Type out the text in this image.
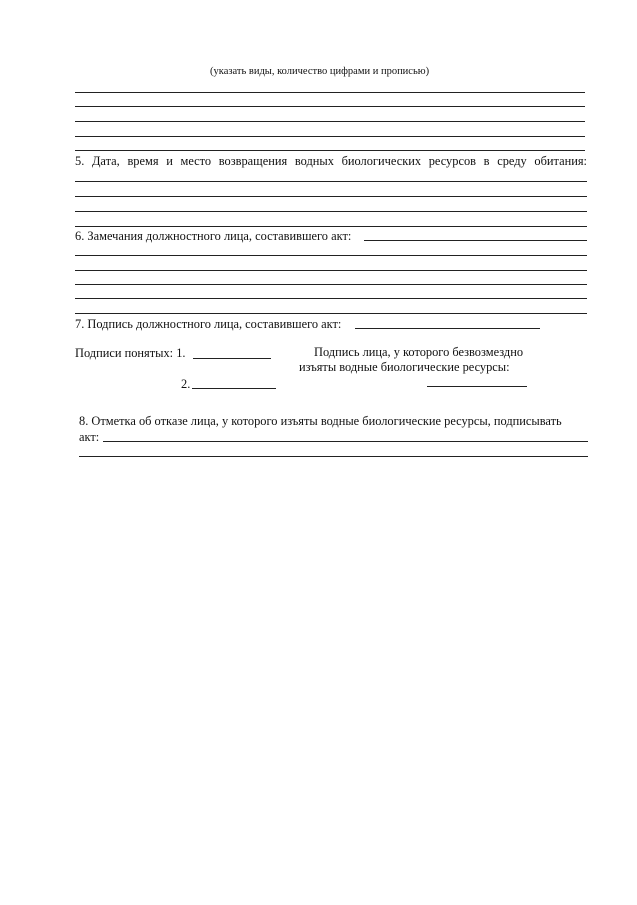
(указать виды, количество цифрами и прописью)
5. Дата, время и место возвращения водных биологических ресурсов в среду обитания:
6. Замечания должностного лица, составившего акт:
7. Подпись должностного лица, составившего акт:
Подписи понятых: 1.
2.
Подпись лица, у которого безвозмездно
изъяты водные биологические ресурсы:
8. Отметка об отказе лица, у которого изъяты водные биологические ресурсы, подписывать
акт:
